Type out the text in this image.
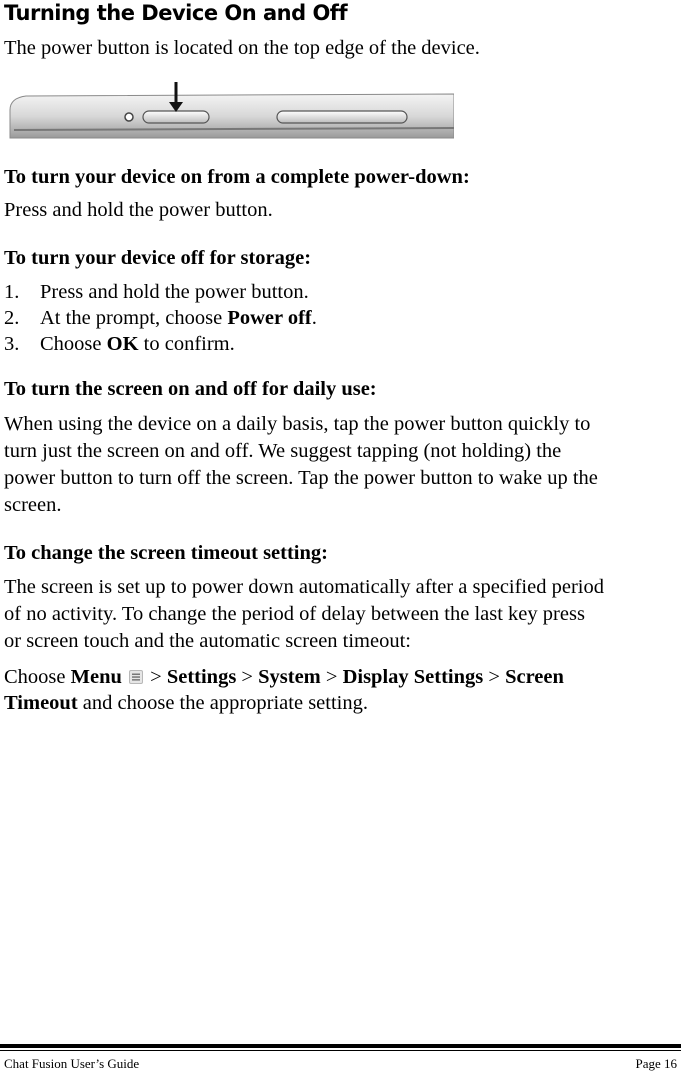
Turning the Device On and Off

The power button is located on the top edge of the device.

To turn your device on from a complete power-down:

Press and hold the power button.

To turn your device off for storage:

1. Press and hold the power button.
2. At the prompt, choose Power off.
3. Choose OK to confirm.

To turn the screen on and off for daily use:

When using the device on a daily basis, tap the power button quickly to

turn just the screen on and off. We suggest tapping (not holding) the

power button to turn off the screen. Tap the power button to wake up the

screen.

To change the screen timeout setting:

The screen is set up to power down automatically after a specified period

of no activity. To change the period of delay between the last key press

or screen touch and the automatic screen timeout:

Choose Menu  > Settings > System > Display Settings > Screen
Timeout and choose the appropriate setting.

Chat Fusion User’s Guide	Page 16
